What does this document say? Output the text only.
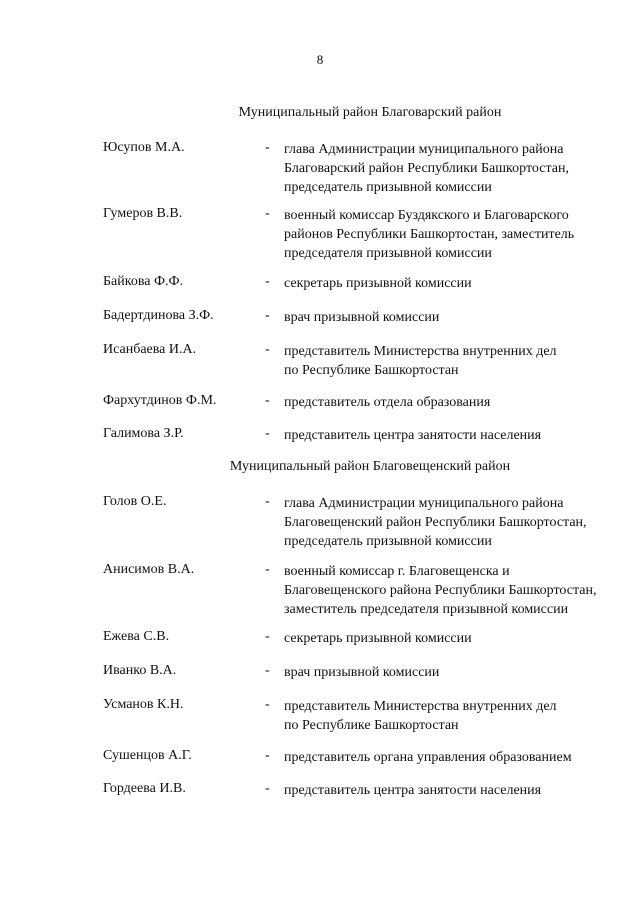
8
Муниципальный район Благоварский район
Юсупов М.А.	- глава Администрации муниципального района
Благоварский район Республики Башкортостан,
председатель призывной комиссии
Гумеров В.В.	- военный комиссар Буздякского и Благоварского
районов Республики Башкортостан, заместитель
председателя призывной комиссии
Байкова Ф.Ф.	- секретарь призывной комиссии
Бадертдинова З.Ф.	- врач призывной комиссии
Исанбаева И.А.	- представитель Министерства внутренних дел
по Республике Башкортостан
Фархутдинов Ф.М.	- представитель отдела образования
Галимова З.Р.	- представитель центра занятости населения
Муниципальный район Благовещенский район
Голов О.Е.	- глава Администрации муниципального района
Благовещенский район Республики Башкортостан,
председатель призывной комиссии
Анисимов В.А.	- военный комиссар г. Благовещенска и
Благовещенского района Республики Башкортостан,
заместитель председателя призывной комиссии
Ежева С.В.	- секретарь призывной комиссии
Иванко В.А.	- врач призывной комиссии
Усманов К.Н.	- представитель Министерства внутренних дел
по Республике Башкортостан
Сушенцов А.Г.	- представитель органа управления образованием
Гордеева И.В.	- представитель центра занятости населения
